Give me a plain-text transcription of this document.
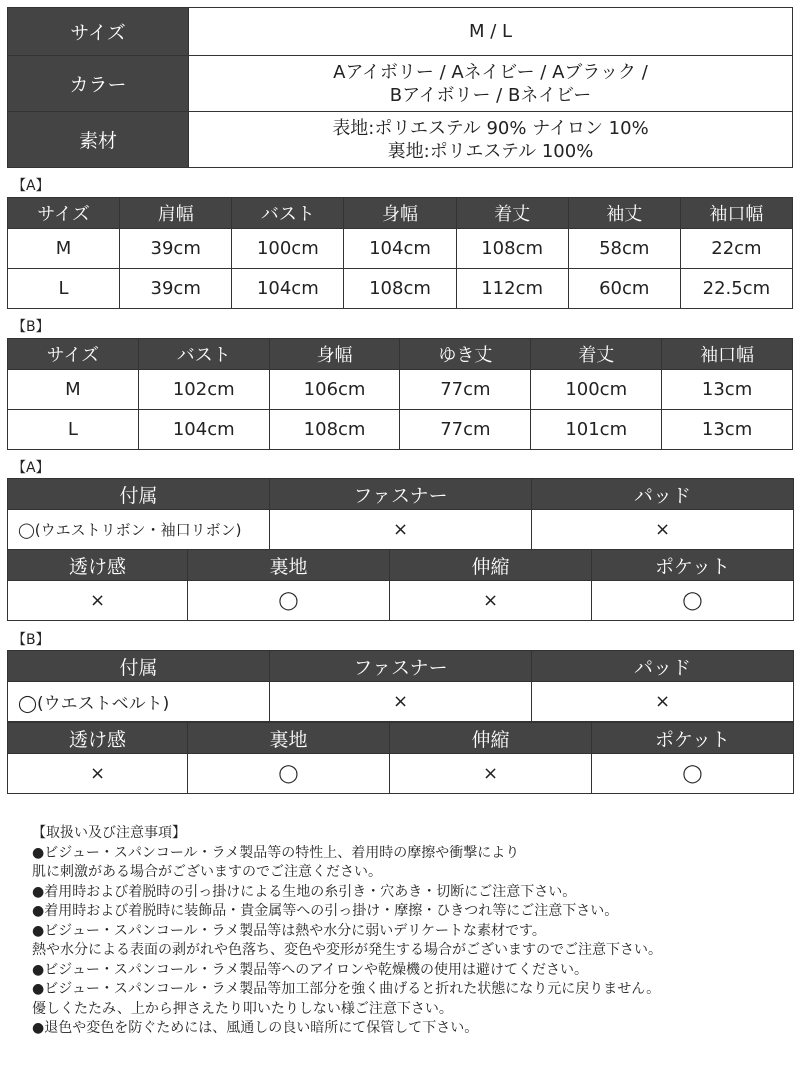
サイズ	M / L

カラー	Aアイボリー / Aネイビー / Aブラック /
Bアイボリー / Bネイビー

素材	表地:ポリエステル 90% ナイロン 10%
裏地:ポリエステル 100%
【A】
サイズ	肩幅	バスト	身幅	着丈	袖丈	袖口幅
M	39cm	100cm	104cm	108cm	58cm	22cm
L	39cm	104cm	108cm	112cm	60cm	22.5cm
【B】
サイズ	バスト	身幅	ゆき丈	着丈	袖口幅
M	102cm	106cm	77cm	100cm	13cm
L	104cm	108cm	77cm	101cm	13cm
【A】
付属	ファスナー	パッド
◯(ウエストリボン・袖口リボン)	×	×
透け感	裏地	伸縮	ポケット
×	◯	×	◯
【B】
付属	ファスナー	パッド
◯(ウエストベルト)	×	×
透け感	裏地	伸縮	ポケット
×	◯	×	◯
【取扱い及び注意事項】
●ビジュー・スパンコール・ラメ製品等の特性上、着用時の摩擦や衝撃により
肌に刺激がある場合がございますのでご注意ください。
●着用時および着脱時の引っ掛けによる生地の糸引き・穴あき・切断にご注意下さい。
●着用時および着脱時に装飾品・貴金属等への引っ掛け・摩擦・ひきつれ等にご注意下さい。
●ビジュー・スパンコール・ラメ製品等は熱や水分に弱いデリケートな素材です。
熱や水分による表面の剥がれや色落ち、変色や変形が発生する場合がございますのでご注意下さい。
●ビジュー・スパンコール・ラメ製品等へのアイロンや乾燥機の使用は避けてください。
●ビジュー・スパンコール・ラメ製品等加工部分を強く曲げると折れた状態になり元に戻りません。
優しくたたみ、上から押さえたり叩いたりしない様ご注意下さい。
●退色や変色を防ぐためには、風通しの良い暗所にて保管して下さい。
